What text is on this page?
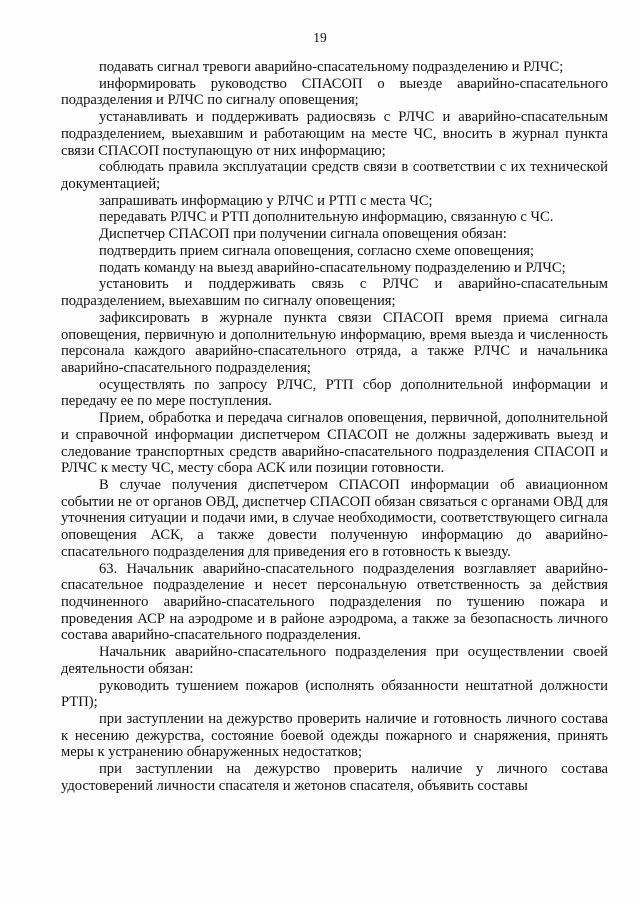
19

подавать сигнал тревоги аварийно-спасательному подразделению и РЛЧС;

информировать руководство СПАСОП о выезде аварийно-спасательного подразделения и РЛЧС по сигналу оповещения;

устанавливать и поддерживать радиосвязь с РЛЧС и аварийно-спасательным подразделением, выехавшим и работающим на месте ЧС, вносить в журнал пункта связи СПАСОП поступающую от них информацию;

соблюдать правила эксплуатации средств связи в соответствии с их технической документацией;

запрашивать информацию у РЛЧС и РТП с места ЧС;

передавать РЛЧС и РТП дополнительную информацию, связанную с ЧС.

Диспетчер СПАСОП при получении сигнала оповещения обязан:

подтвердить прием сигнала оповещения, согласно схеме оповещения;

подать команду на выезд аварийно-спасательному подразделению и РЛЧС;

установить и поддерживать связь с РЛЧС и аварийно-спасательным подразделением, выехавшим по сигналу оповещения;

зафиксировать в журнале пункта связи СПАСОП время приема сигнала оповещения, первичную и дополнительную информацию, время выезда и численность персонала каждого аварийно-спасательного отряда, а также РЛЧС и начальника аварийно-спасательного подразделения;

осуществлять по запросу РЛЧС, РТП сбор дополнительной информации и передачу ее по мере поступления.

Прием, обработка и передача сигналов оповещения, первичной, дополнительной и справочной информации диспетчером СПАСОП не должны задерживать выезд и следование транспортных средств аварийно-спасательного подразделения СПАСОП и РЛЧС к месту ЧС, месту сбора АСК или позиции готовности.

В случае получения диспетчером СПАСОП информации об авиационном событии не от органов ОВД, диспетчер СПАСОП обязан связаться с органами ОВД для уточнения ситуации и подачи ими, в случае необходимости, соответствующего сигнала оповещения АСК, а также довести полученную информацию до аварийно-спасательного подразделения для приведения его в готовность к выезду.

63. Начальник аварийно-спасательного подразделения возглавляет аварийно-спасательное подразделение и несет персональную ответственность за действия подчиненного аварийно-спасательного подразделения по тушению пожара и проведения АСР на аэродроме и в районе аэродрома, а также за безопасность личного состава аварийно-спасательного подразделения.

Начальник аварийно-спасательного подразделения при осуществлении своей деятельности обязан:

руководить тушением пожаров (исполнять обязанности нештатной должности РТП);

при заступлении на дежурство проверить наличие и готовность личного состава к несению дежурства, состояние боевой одежды пожарного и снаряжения, принять меры к устранению обнаруженных недостатков;

при заступлении на дежурство проверить наличие у личного состава удостоверений личности спасателя и жетонов спасателя, объявить составы
